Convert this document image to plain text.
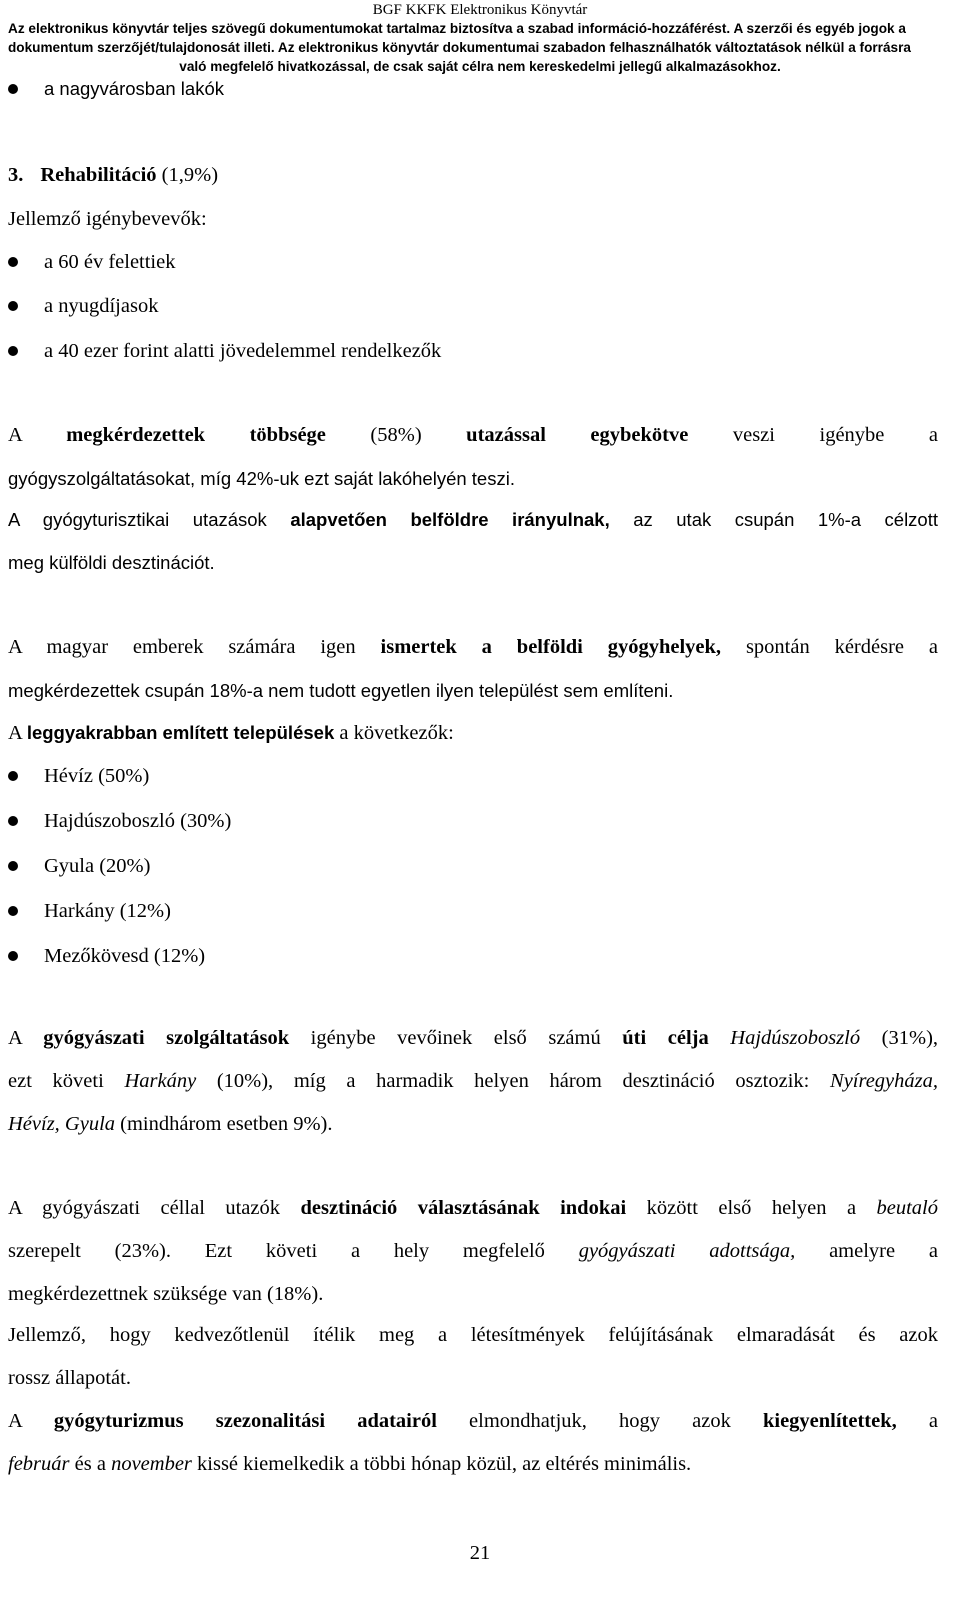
BGF KKFK Elektronikus Könyvtár
Az elektronikus könyvtár teljes szövegű dokumentumokat tartalmaz biztosítva a szabad információ-hozzáférést. A szerzői és egyéb jogok a
dokumentum szerzőjét/tulajdonosát illeti. Az elektronikus könyvtár dokumentumai szabadon felhasználhatók változtatások nélkül a forrásra
való megfelelő hivatkozással, de csak saját célra nem kereskedelmi jellegű alkalmazásokhoz.
a nagyvárosban lakók
3. Rehabilitáció (1,9%)
Jellemző igénybevevők:
a 60 év felettiek
a nyugdíjasok
a 40 ezer forint alatti jövedelemmel rendelkezők
A megkérdezettek többsége (58%) utazással egybekötve veszi igénybe a
gyógyszolgáltatásokat, míg 42%-uk ezt saját lakóhelyén teszi.
A gyógyturisztikai utazások alapvetően belföldre irányulnak, az utak csupán 1%-a célzott
meg külföldi desztinációt.
A magyar emberek számára igen ismertek a belföldi gyógyhelyek, spontán kérdésre a
megkérdezettek csupán 18%-a nem tudott egyetlen ilyen települést sem említeni.
A leggyakrabban említett települések a következők:
Hévíz (50%)
Hajdúszoboszló (30%)
Gyula (20%)
Harkány (12%)
Mezőkövesd (12%)
A gyógyászati szolgáltatások igénybe vevőinek első számú úti célja Hajdúszoboszló (31%),
ezt követi Harkány (10%), míg a harmadik helyen három desztináció osztozik: Nyíregyháza,
Hévíz, Gyula (mindhárom esetben 9%).
A gyógyászati céllal utazók desztináció választásának indokai között első helyen a beutaló
szerepelt (23%). Ezt követi a hely megfelelő gyógyászati adottsága, amelyre a
megkérdezettnek szüksége van (18%).
Jellemző, hogy kedvezőtlenül ítélik meg a létesítmények felújításának elmaradását és azok
rossz állapotát.
A gyógyturizmus szezonalitási adatairól elmondhatjuk, hogy azok kiegyenlítettek, a
február és a november kissé kiemelkedik a többi hónap közül, az eltérés minimális.
21
